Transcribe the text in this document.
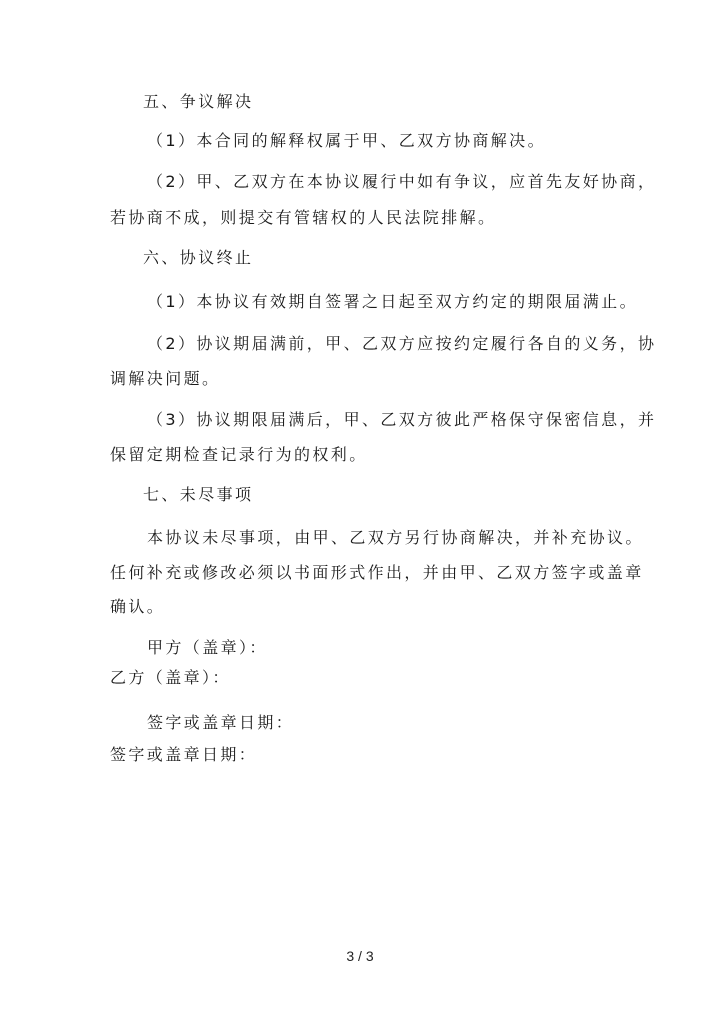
五、争议解决
（1）本合同的解释权属于甲、乙双方协商解决。
（2）甲、乙双方在本协议履行中如有争议，应首先友好协商，
若协商不成，则提交有管辖权的人民法院排解。
六、协议终止
（1）本协议有效期自签署之日起至双方约定的期限届满止。
（2）协议期届满前，甲、乙双方应按约定履行各自的义务，协
调解决问题。
（3）协议期限届满后，甲、乙双方彼此严格保守保密信息，并
保留定期检查记录行为的权利。
七、未尽事项
本协议未尽事项，由甲、乙双方另行协商解决，并补充协议。
任何补充或修改必须以书面形式作出，并由甲、乙双方签字或盖章
确认。
甲方（盖章）：
乙方（盖章）：
签字或盖章日期：
签字或盖章日期：
3 / 3
